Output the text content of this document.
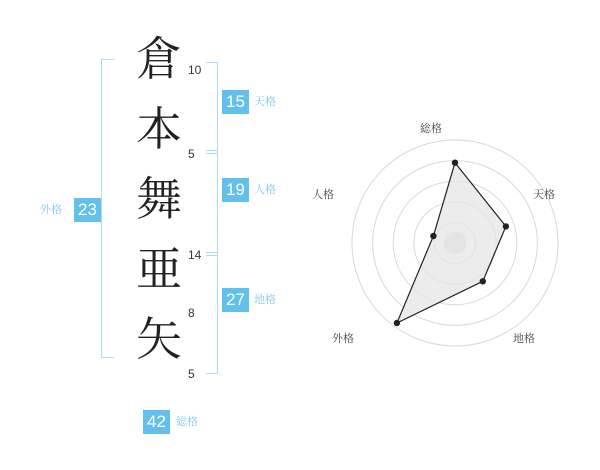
倉
本
舞
亜
矢
10
5
14
8
5
15 天格
19 人格
27 地格
23
外格
42 総格
総格
天格
地格
外格
人格
